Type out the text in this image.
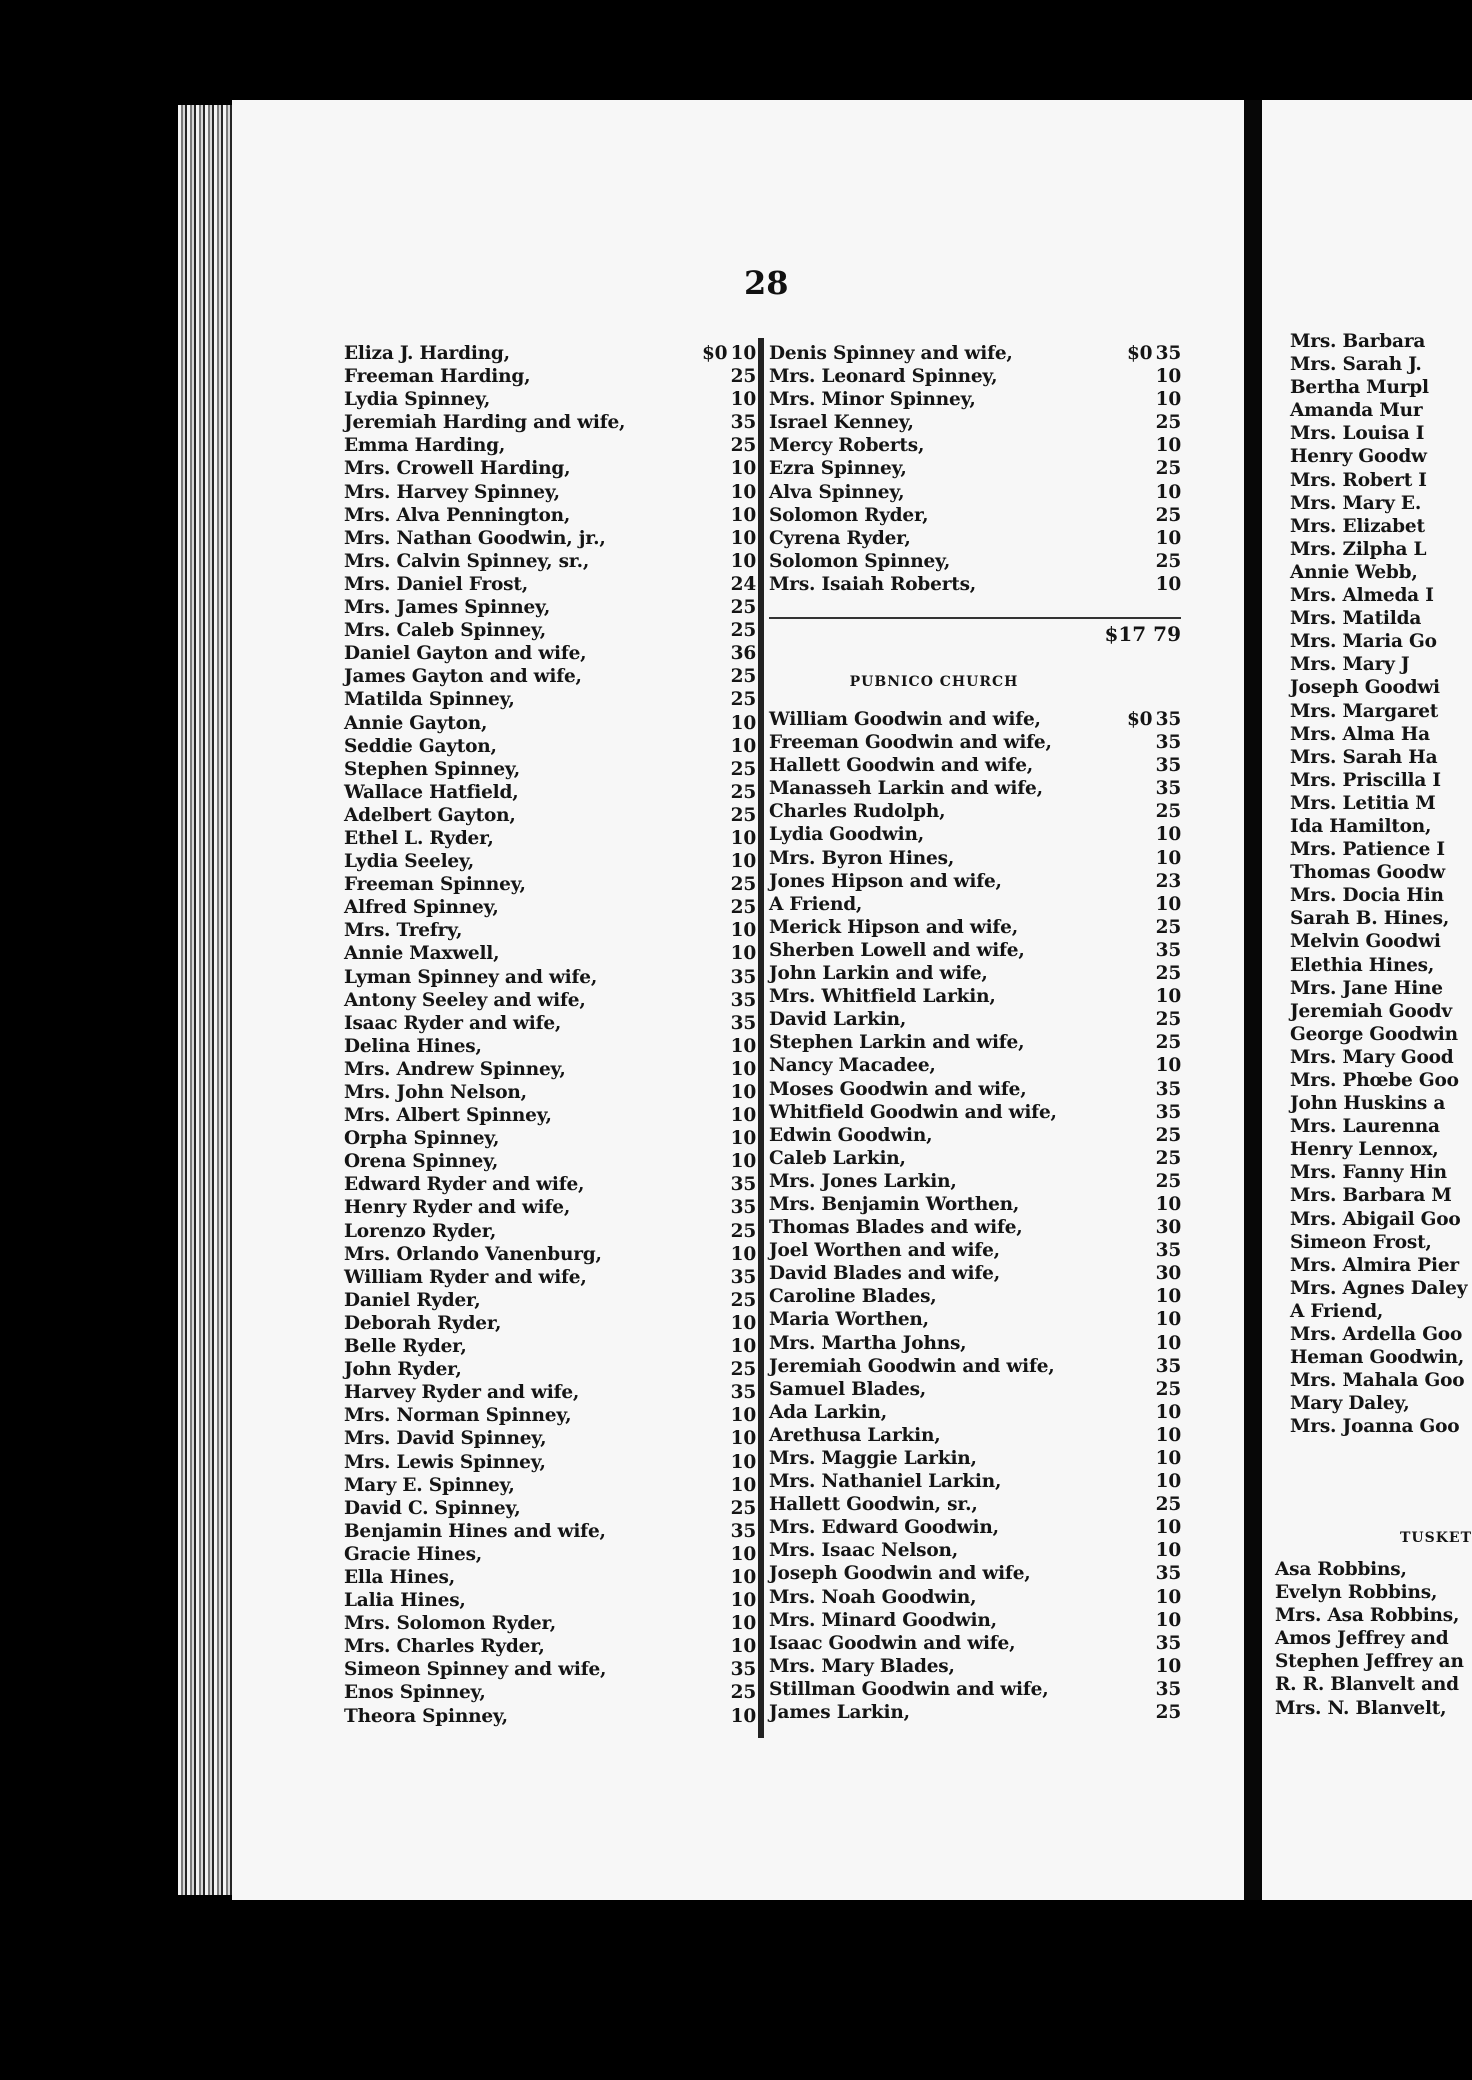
28
Eliza J. Harding,	$0 10
Freeman Harding,	25
Lydia Spinney,	10
Jeremiah Harding and wife,	35
Emma Harding,	25
Mrs. Crowell Harding,	10
Mrs. Harvey Spinney,	10
Mrs. Alva Pennington,	10
Mrs. Nathan Goodwin, jr.,	10
Mrs. Calvin Spinney, sr.,	10
Mrs. Daniel Frost,	24
Mrs. James Spinney,	25
Mrs. Caleb Spinney,	25
Daniel Gayton and wife,	36
James Gayton and wife,	25
Matilda Spinney,	25
Annie Gayton,	10
Seddie Gayton,	10
Stephen Spinney,	25
Wallace Hatfield,	25
Adelbert Gayton,	25
Ethel L. Ryder,	10
Lydia Seeley,	10
Freeman Spinney,	25
Alfred Spinney,	25
Mrs. Trefry,	10
Annie Maxwell,	10
Lyman Spinney and wife,	35
Antony Seeley and wife,	35
Isaac Ryder and wife,	35
Delina Hines,	10
Mrs. Andrew Spinney,	10
Mrs. John Nelson,	10
Mrs. Albert Spinney,	10
Orpha Spinney,	10
Orena Spinney,	10
Edward Ryder and wife,	35
Henry Ryder and wife,	35
Lorenzo Ryder,	25
Mrs. Orlando Vanenburg,	10
William Ryder and wife,	35
Daniel Ryder,	25
Deborah Ryder,	10
Belle Ryder,	10
John Ryder,	25
Harvey Ryder and wife,	35
Mrs. Norman Spinney,	10
Mrs. David Spinney,	10
Mrs. Lewis Spinney,	10
Mary E. Spinney,	10
David C. Spinney,	25
Benjamin Hines and wife,	35
Gracie Hines,	10
Ella Hines,	10
Lalia Hines,	10
Mrs. Solomon Ryder,	10
Mrs. Charles Ryder,	10
Simeon Spinney and wife,	35
Enos Spinney,	25
Theora Spinney,	10
Denis Spinney and wife,	$0 35
Mrs. Leonard Spinney,	10
Mrs. Minor Spinney,	10
Israel Kenney,	25
Mercy Roberts,	10
Ezra Spinney,	25
Alva Spinney,	10
Solomon Ryder,	25
Cyrena Ryder,	10
Solomon Spinney,	25
Mrs. Isaiah Roberts,	10
$17 79
PUBNICO CHURCH
William Goodwin and wife,	$0 35
Freeman Goodwin and wife,	35
Hallett Goodwin and wife,	35
Manasseh Larkin and wife,	35
Charles Rudolph,	25
Lydia Goodwin,	10
Mrs. Byron Hines,	10
Jones Hipson and wife,	23
A Friend,	10
Merick Hipson and wife,	25
Sherben Lowell and wife,	35
John Larkin and wife,	25
Mrs. Whitfield Larkin,	10
David Larkin,	25
Stephen Larkin and wife,	25
Nancy Macadee,	10
Moses Goodwin and wife,	35
Whitfield Goodwin and wife,	35
Edwin Goodwin,	25
Caleb Larkin,	25
Mrs. Jones Larkin,	25
Mrs. Benjamin Worthen,	10
Thomas Blades and wife,	30
Joel Worthen and wife,	35
David Blades and wife,	30
Caroline Blades,	10
Maria Worthen,	10
Mrs. Martha Johns,	10
Jeremiah Goodwin and wife,	35
Samuel Blades,	25
Ada Larkin,	10
Arethusa Larkin,	10
Mrs. Maggie Larkin,	10
Mrs. Nathaniel Larkin,	10
Hallett Goodwin, sr.,	25
Mrs. Edward Goodwin,	10
Mrs. Isaac Nelson,	10
Joseph Goodwin and wife,	35
Mrs. Noah Goodwin,	10
Mrs. Minard Goodwin,	10
Isaac Goodwin and wife,	35
Mrs. Mary Blades,	10
Stillman Goodwin and wife,	35
James Larkin,	25
Mrs. Barbara
Mrs. Sarah J.
Bertha Murpl
Amanda Mur
Mrs. Louisa I
Henry Goodw
Mrs. Robert I
Mrs. Mary E.
Mrs. Elizabet
Mrs. Zilpha L
Annie Webb,
Mrs. Almeda I
Mrs. Matilda
Mrs. Maria Go
Mrs. Mary J
Joseph Goodwi
Mrs. Margaret
Mrs. Alma Ha
Mrs. Sarah Ha
Mrs. Priscilla I
Mrs. Letitia M
Ida Hamilton,
Mrs. Patience I
Thomas Goodw
Mrs. Docia Hin
Sarah B. Hines,
Melvin Goodwi
Elethia Hines,
Mrs. Jane Hine
Jeremiah Goodv
George Goodwin
Mrs. Mary Good
Mrs. Phœbe Goo
John Huskins a
Mrs. Laurenna
Henry Lennox,
Mrs. Fanny Hin
Mrs. Barbara M
Mrs. Abigail Goo
Simeon Frost,
Mrs. Almira Pier
Mrs. Agnes Daley
A Friend,
Mrs. Ardella Goo
Heman Goodwin,
Mrs. Mahala Goo
Mary Daley,
Mrs. Joanna Goo
TUSKET
Asa Robbins,
Evelyn Robbins,
Mrs. Asa Robbins,
Amos Jeffrey and
Stephen Jeffrey an
R. R. Blanvelt and
Mrs. N. Blanvelt,
